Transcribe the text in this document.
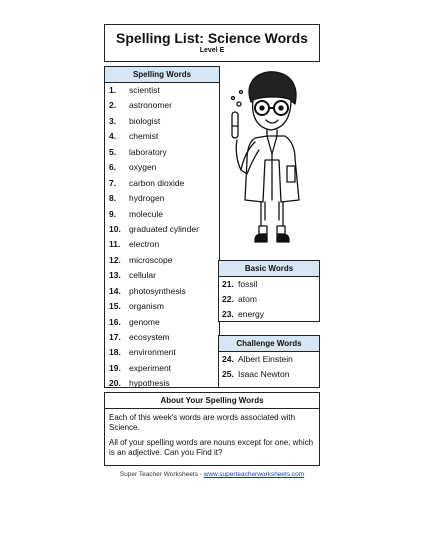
Spelling List: Science Words
Level E
Spelling Words
1. scientist
2. astronomer
3. biologist
4. chemist
5. laboratory
6. oxygen
7. carbon dioxide
8. hydrogen
9. molecule
10. graduated cylinder
11. electron
12. microscope
13. cellular
14. photosynthesis
15. organism
16. genome
17. ecosystem
18. environment
19. experiment
20. hypothesis
Basic Words
21. fossil
22. atom
23. energy
Challenge Words
24. Albert Einstein
25. Isaac Newton
About Your Spelling Words

Each of this week's words are words associated with Science.

All of your spelling words are nouns except for one, which is an adjective. Can you Find it?

Super Teacher Worksheets - www.superteacherworksheets.com
